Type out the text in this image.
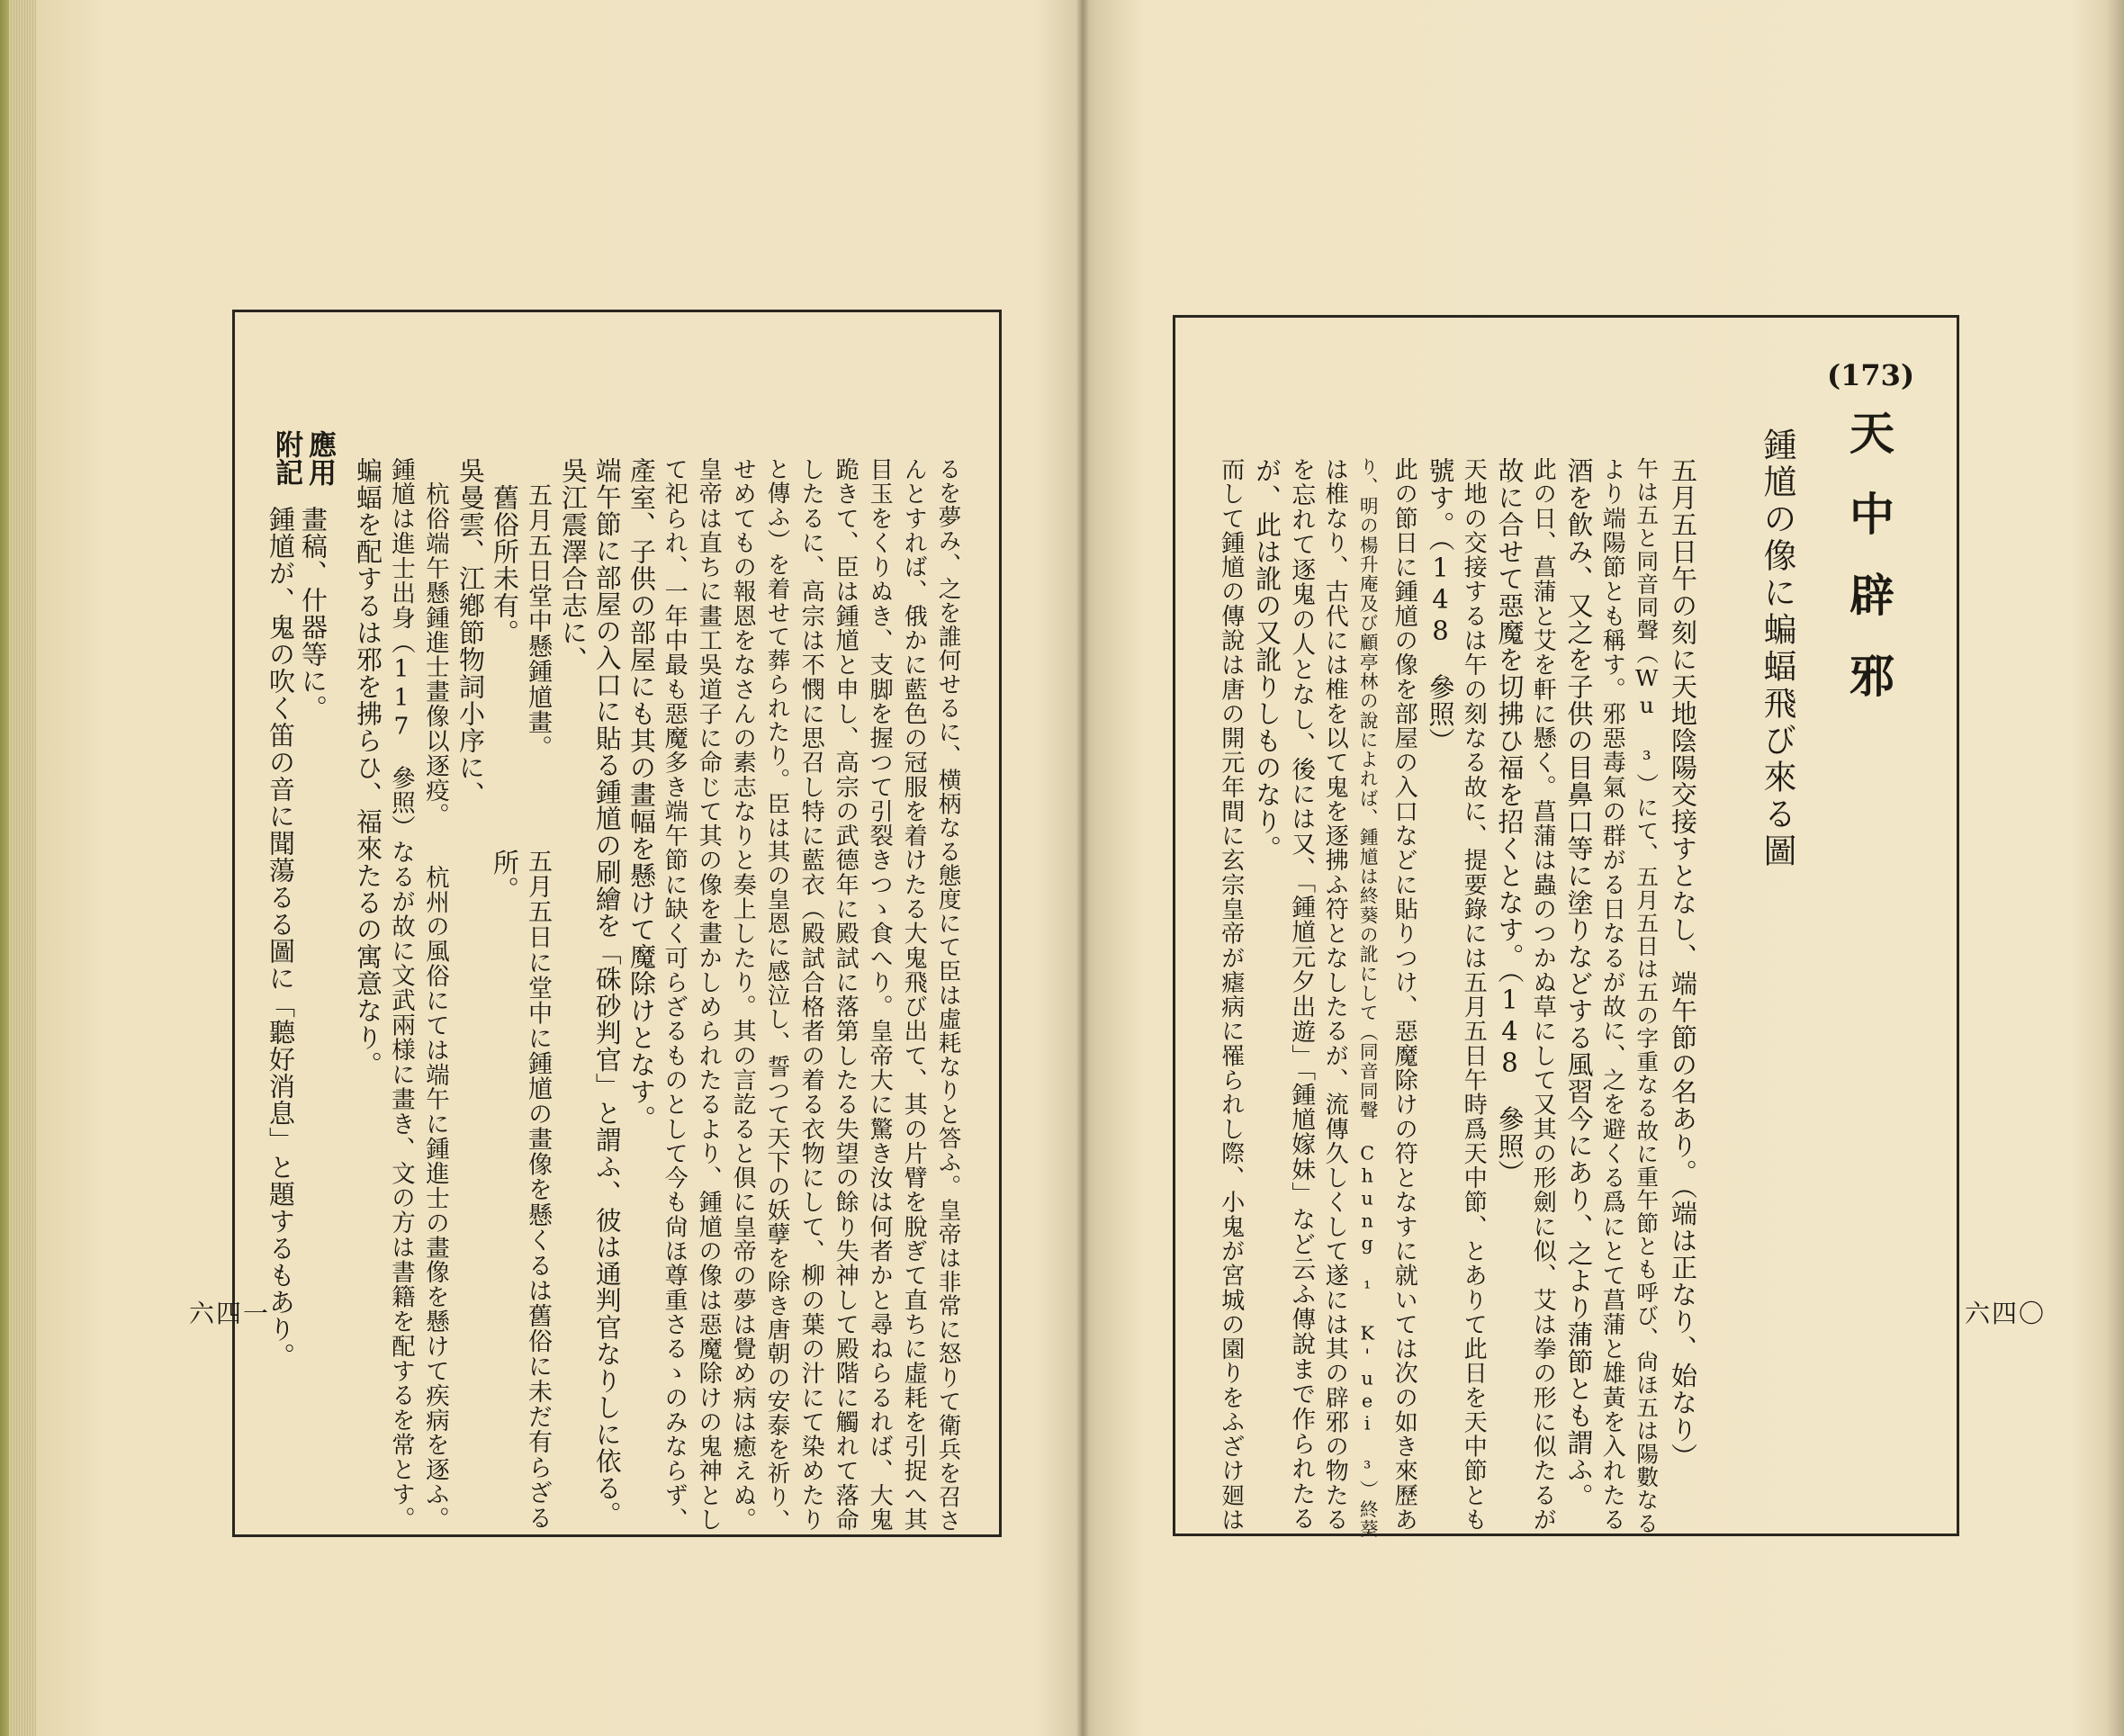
るを夢み、之を誰何せるに、横柄なる態度にて臣は虛耗なりと答ふ。皇帝は非常に怒りて衛兵を召さ
んとすれば、俄かに藍色の冠服を着けたる大鬼飛び出て、其の片臂を脫ぎて直ちに虛耗を引捉へ其
目玉をくりぬき、支脚を握つて引裂きつゝ食へり。皇帝大に驚き汝は何者かと尋ねらるれば、大鬼
跪きて、臣は鍾馗と申し、高宗の武德年に殿試に落第したる失望の餘り失神して殿階に觸れて落命
したるに、高宗は不憫に思召し特に藍衣（殿試合格者の着る衣物にして、柳の葉の汁にて染めたり
と傳ふ）を着せて葬られたり。臣は其の皇恩に感泣し、誓つて天下の妖孽を除き唐朝の安泰を祈り、
せめてもの報恩をなさんの素志なりと奏上したり。其の言訖ると俱に皇帝の夢は覺め病は癒えぬ。
皇帝は直ちに畫工吳道子に命じて其の像を畫かしめられたるより、鍾馗の像は惡魔除けの鬼神とし
て祀られ、一年中最も惡魔多き端午節に缺く可らざるものとして今も尙ほ尊重さるゝのみならず、
產室、子供の部屋にも其の畫幅を懸けて魔除けとなす。
端午節に部屋の入口に貼る鍾馗の刷繪を「硃砂判官」と謂ふ、彼は通判官なりしに依る。
吳江震澤合志に、
　五月五日堂中懸鍾馗畫。　　　　五月五日に堂中に鍾馗の畫像を懸くるは舊俗に未だ有らざる
　舊俗所未有。　　　　　　　　所。
吳曼雲、江鄕節物詞小序に、
　杭俗端午懸鍾進士畫像以逐疫。　　杭州の風俗にては端午に鍾進士の畫像を懸けて疾病を逐ふ。
鍾馗は進士出身（117　參照）なるが故に文武兩様に畫き、文の方は書籍を配するを常とす。
蝙蝠を配するは邪を拂らひ、福來たるの寓意なり。
應用
畫稿、什器等に。
附記
鍾馗が、鬼の吹く笛の音に聞蕩るる圖に「聽好消息」と題するもあり。
六四一
(173)
天中辟邪
鍾馗の像に蝙蝠飛び來る圖
五月五日午の刻に天地陰陽交接すとなし、端午節の名あり。（端は正なり、始なり）
午は五と同音同聲（Wu ³）にて、五月五日は五の字重なる故に重午節とも呼び、尙ほ五は陽數なる
より端陽節とも稱す。邪惡毒氣の群がる日なるが故に、之を避くる爲にとて菖蒲と雄黃を入れたる
酒を飮み、又之を子供の目鼻口等に塗りなどする風習今にあり、之より蒲節とも謂ふ。
此の日、菖蒲と艾を軒に懸く。菖蒲は蟲のつかぬ草にして又其の形劍に似、艾は拳の形に似たるが
故に合せて惡魔を切拂ひ福を招くとなす。（148　參照）
天地の交接するは午の刻なる故に、提要錄には五月五日午時爲天中節、とありて此日を天中節とも
號す。（148　參照）
此の節日に鍾馗の像を部屋の入口などに貼りつけ、惡魔除けの符となすに就いては次の如き來歷あ
り、明の楊升庵及び顧亭林の說によれば、鍾馗は終葵の訛にして（同音同聲 Chung ¹ K'uei ³）終葵
は椎なり、古代には椎を以て鬼を逐拂ふ符となしたるが、流傳久しくして遂には其の辟邪の物たる
を忘れて逐鬼の人となし、後には又、「鍾馗元夕出遊」「鍾馗嫁妹」など云ふ傳說まで作られたる
が、此は訛の又訛りしものなり。
而して鍾馗の傳說は唐の開元年間に玄宗皇帝が瘧病に罹られし際、小鬼が宮城の園りをふざけ廻は	六四〇
